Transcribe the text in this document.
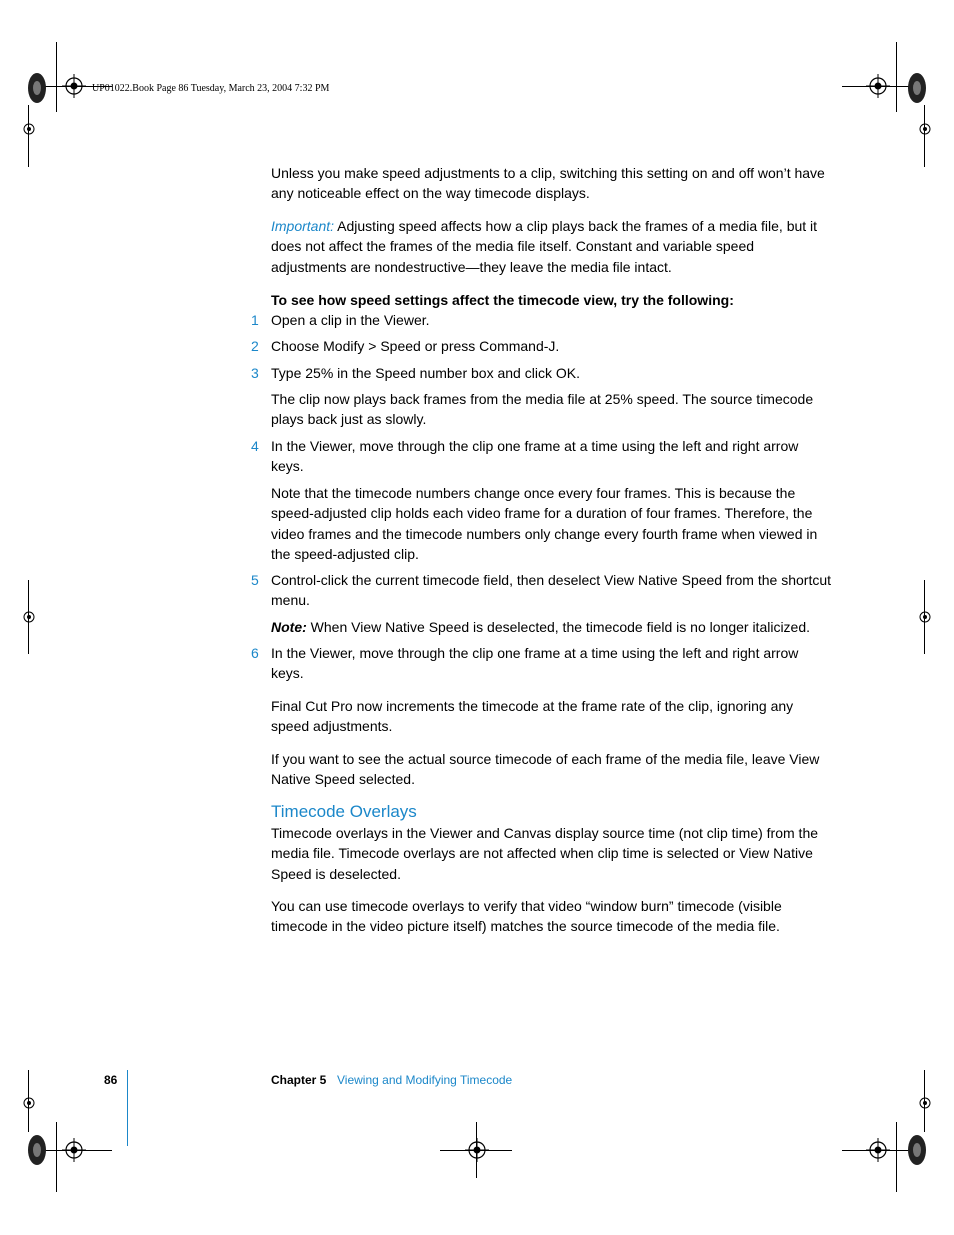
UP01022.Book Page 86 Tuesday, March 23, 2004 7:32 PM

Unless you make speed adjustments to a clip, switching this setting on and off won’t have any noticeable effect on the way timecode displays.

Important: Adjusting speed affects how a clip plays back the frames of a media file, but it does not affect the frames of the media file itself. Constant and variable speed adjustments are nondestructive—they leave the media file intact.

To see how speed settings affect the timecode view, try the following:

1 Open a clip in the Viewer.

2 Choose Modify > Speed or press Command-J.

3 Type 25% in the Speed number box and click OK.

The clip now plays back frames from the media file at 25% speed. The source timecode plays back just as slowly.

4 In the Viewer, move through the clip one frame at a time using the left and right arrow keys.

Note that the timecode numbers change once every four frames. This is because the speed-adjusted clip holds each video frame for a duration of four frames. Therefore, the video frames and the timecode numbers only change every fourth frame when viewed in the speed-adjusted clip.

5 Control-click the current timecode field, then deselect View Native Speed from the shortcut menu.

Note: When View Native Speed is deselected, the timecode field is no longer italicized.

6 In the Viewer, move through the clip one frame at a time using the left and right arrow keys.

Final Cut Pro now increments the timecode at the frame rate of the clip, ignoring any speed adjustments.

If you want to see the actual source timecode of each frame of the media file, leave View Native Speed selected.

Timecode Overlays

Timecode overlays in the Viewer and Canvas display source time (not clip time) from the media file. Timecode overlays are not affected when clip time is selected or View Native Speed is deselected.

You can use timecode overlays to verify that video “window burn” timecode (visible timecode in the video picture itself) matches the source timecode of the media file.

86	Chapter 5 Viewing and Modifying Timecode
